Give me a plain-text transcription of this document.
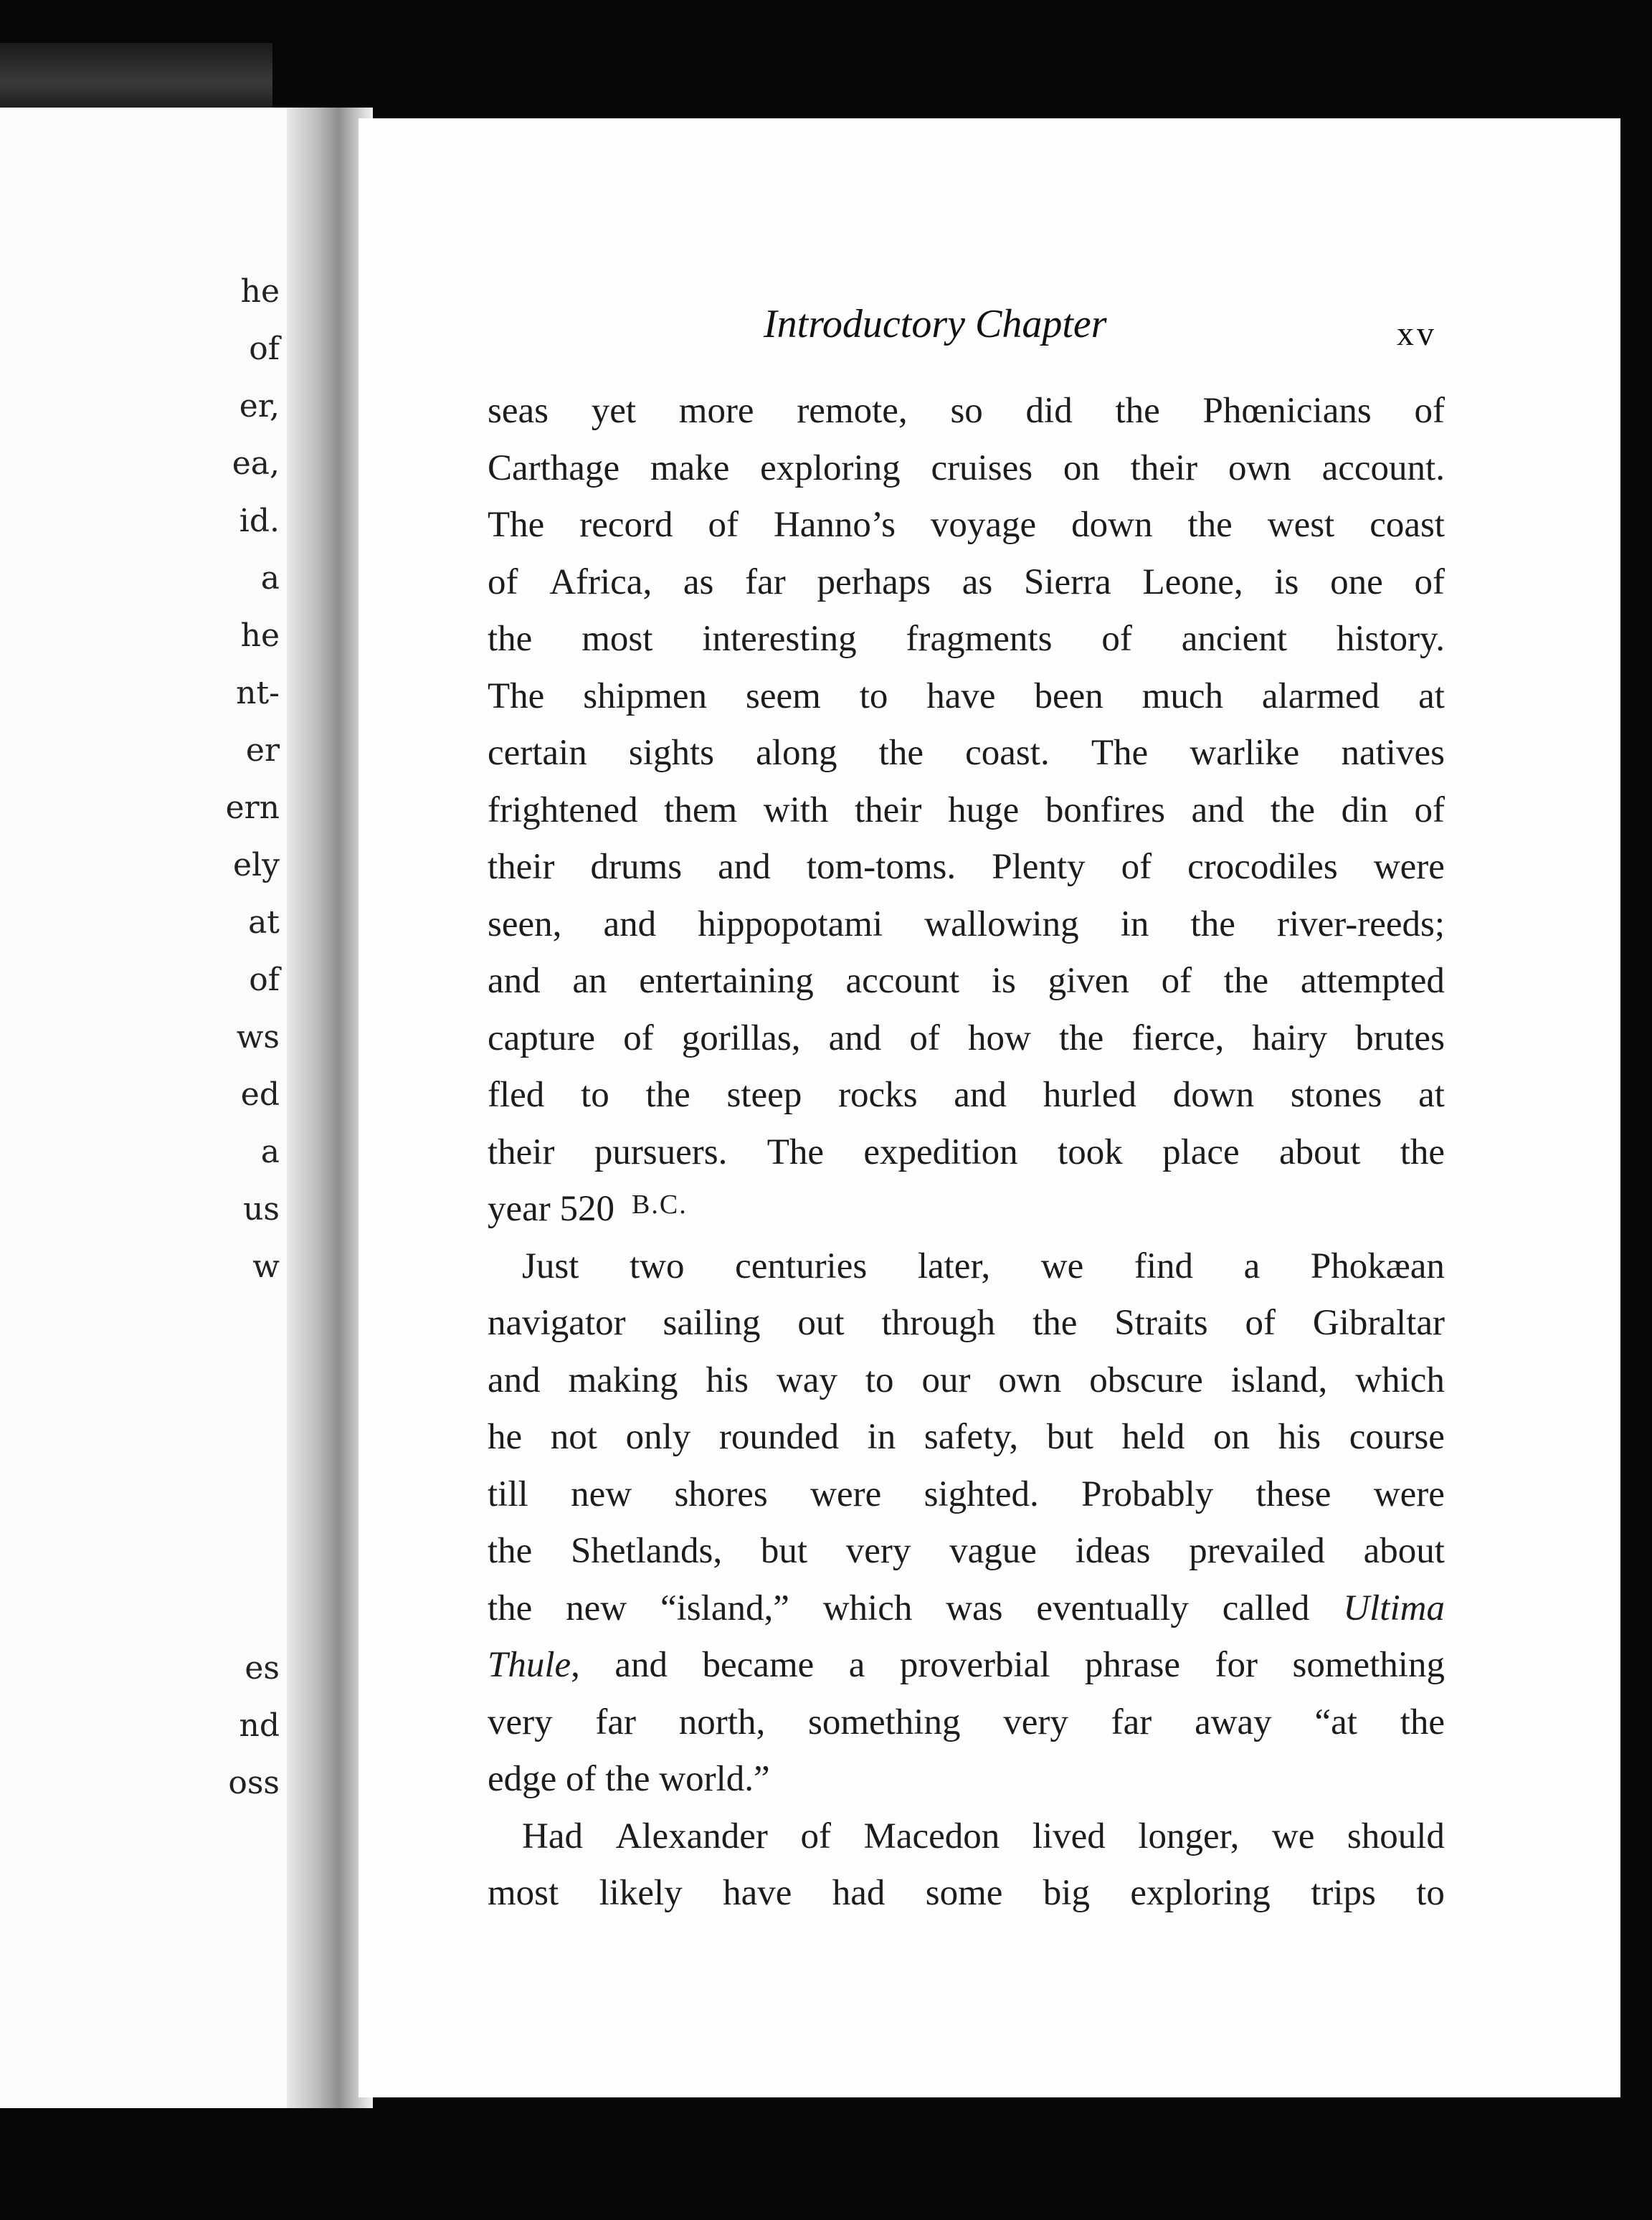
he
of
er,
ea,
id.
a
he
nt-
er
ern
ely
at
of
ws
ed
a
us
w
es
nd
oss
Introductory Chapter	xv
seas yet more remote, so did the Phœnicians of
Carthage make exploring cruises on their own account.
The record of Hanno’s voyage down the west coast
of Africa, as far perhaps as Sierra Leone, is one of
the most interesting fragments of ancient history.
The shipmen seem to have been much alarmed at
certain sights along the coast. The warlike natives
frightened them with their huge bonfires and the din of
their drums and tom-toms. Plenty of crocodiles were
seen, and hippopotami wallowing in the river-reeds;
and an entertaining account is given of the attempted
capture of gorillas, and of how the fierce, hairy brutes
fled to the steep rocks and hurled down stones at
their pursuers. The expedition took place about the
year 520 B.C.
Just two centuries later, we find a Phokæan
navigator sailing out through the Straits of Gibraltar
and making his way to our own obscure island, which
he not only rounded in safety, but held on his course
till new shores were sighted. Probably these were
the Shetlands, but very vague ideas prevailed about
the new “island,” which was eventually called Ultima
Thule, and became a proverbial phrase for something
very far north, something very far away “at the
edge of the world.”
Had Alexander of Macedon lived longer, we should
most likely have had some big exploring trips to
